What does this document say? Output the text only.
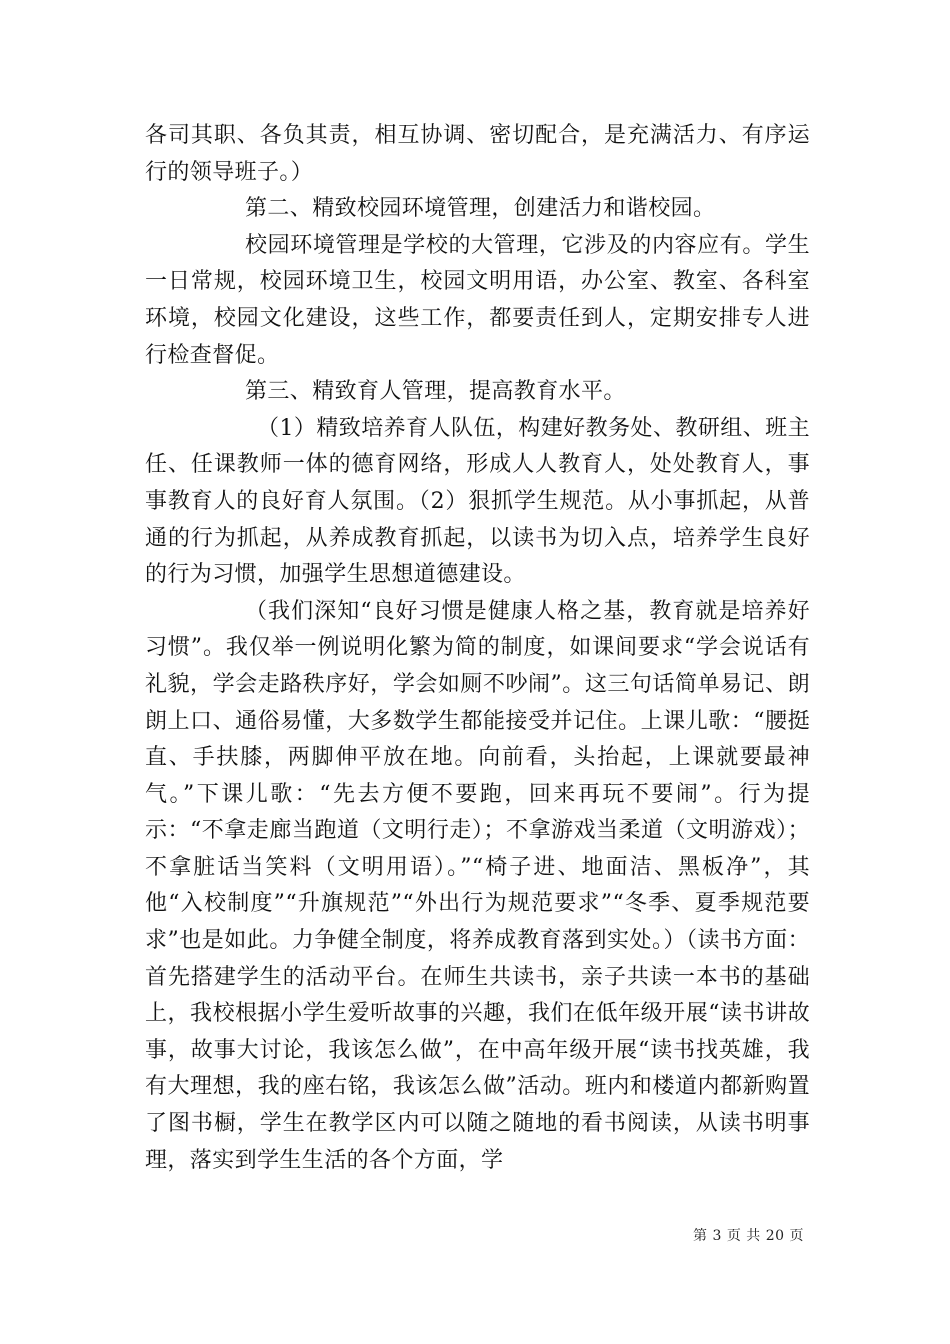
各司其职、各负其责，相互协调、密切配合，是充满活力、有序运行的领导班子。）

第二、精致校园环境管理，创建活力和谐校园。

校园环境管理是学校的大管理，它涉及的内容应有。学生一日常规，校园环境卫生，校园文明用语，办公室、教室、各科室环境，校园文化建设，这些工作，都要责任到人，定期安排专人进行检查督促。

第三、精致育人管理，提高教育水平。

（1）精致培养育人队伍，构建好教务处、教研组、班主任、任课教师一体的德育网络，形成人人教育人，处处教育人，事事教育人的良好育人氛围。（2）狠抓学生规范。从小事抓起，从普通的行为抓起，从养成教育抓起，以读书为切入点，培养学生良好的行为习惯，加强学生思想道德建设。

（我们深知“良好习惯是健康人格之基，教育就是培养好习惯”。我仅举一例说明化繁为简的制度，如课间要求“学会说话有礼貌，学会走路秩序好，学会如厕不吵闹”。这三句话简单易记、朗朗上口、通俗易懂，大多数学生都能接受并记住。上课儿歌：“腰挺直、手扶膝，两脚伸平放在地。向前看，头抬起，上课就要最神气。”下课儿歌：“先去方便不要跑，回来再玩不要闹”。行为提示：“不拿走廊当跑道（文明行走）；不拿游戏当柔道（文明游戏）；不拿脏话当笑料（文明用语）。”“椅子进、地面洁、黑板净”，其他“入校制度”“升旗规范”“外出行为规范要求”“冬季、夏季规范要求”也是如此。力争健全制度，将养成教育落到实处。）（读书方面：首先搭建学生的活动平台。在师生共读书，亲子共读一本书的基础上，我校根据小学生爱听故事的兴趣，我们在低年级开展“读书讲故事，故事大讨论，我该怎么做”，在中高年级开展“读书找英雄，我有大理想，我的座右铭，我该怎么做”活动。班内和楼道内都新购置了图书橱，学生在教学区内可以随之随地的看书阅读，从读书明事理，落实到学生生活的各个方面，学

第 3 页 共 20 页
